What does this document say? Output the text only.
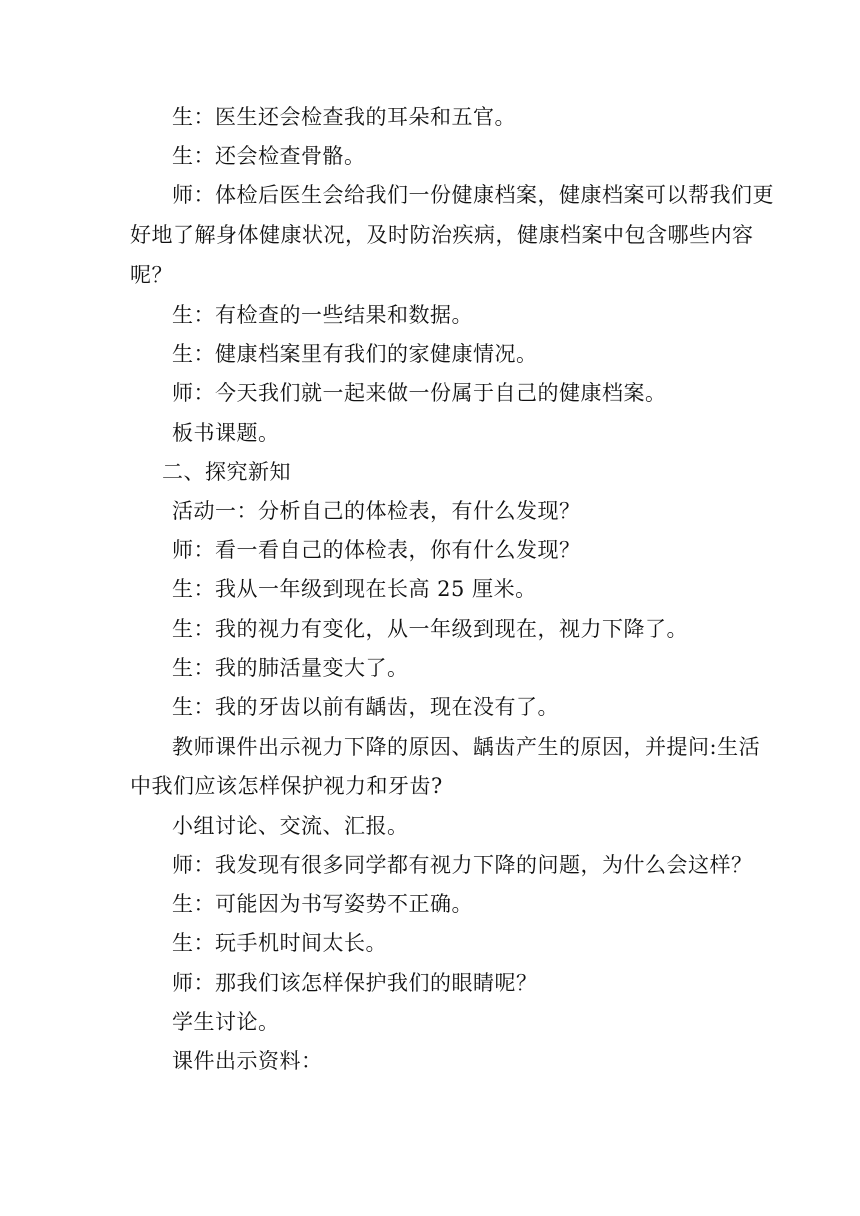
生：医生还会检查我的耳朵和五官。
生：还会检查骨骼。
师：体检后医生会给我们一份健康档案，健康档案可以帮我们更
好地了解身体健康状况，及时防治疾病，健康档案中包含哪些内容
呢？
生：有检查的一些结果和数据。
生：健康档案里有我们的家健康情况。
师：今天我们就一起来做一份属于自己的健康档案。
板书课题。
二、探究新知
活动一：分析自己的体检表，有什么发现？
师：看一看自己的体检表，你有什么发现？
生：我从一年级到现在长高 25 厘米。
生：我的视力有变化，从一年级到现在，视力下降了。
生：我的肺活量变大了。
生：我的牙齿以前有龋齿，现在没有了。
教师课件出示视力下降的原因、龋齿产生的原因，并提问:生活
中我们应该怎样保护视力和牙齿?
小组讨论、交流、汇报。
师：我发现有很多同学都有视力下降的问题，为什么会这样？
生：可能因为书写姿势不正确。
生：玩手机时间太长。
师：那我们该怎样保护我们的眼睛呢？
学生讨论。
课件出示资料：
